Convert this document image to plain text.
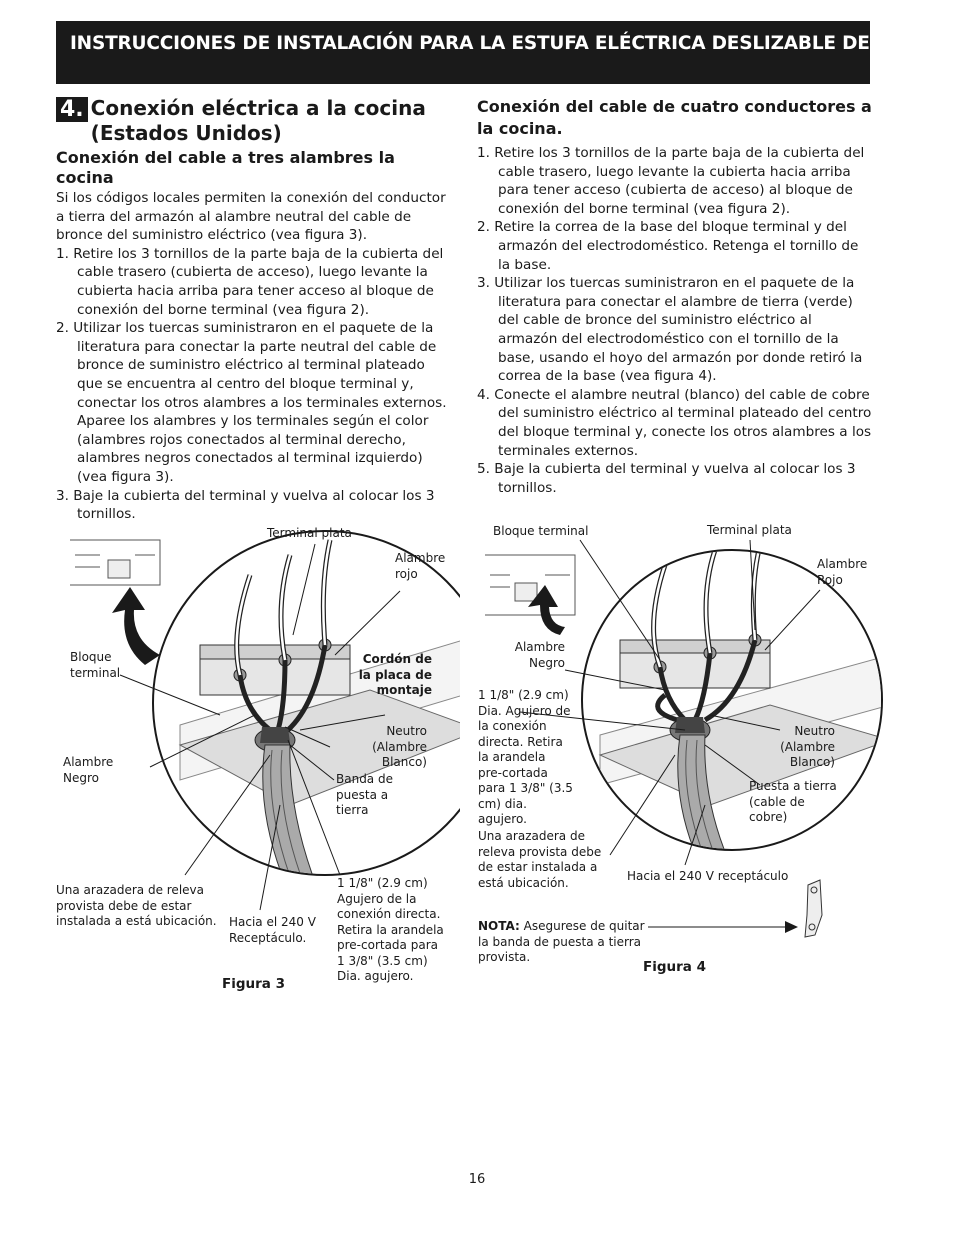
INSTRUCCIONES DE INSTALACIÓN PARA LA ESTUFA ELÉCTRICA DESLIZABLE DE 30"
4. Conexión eléctrica a la cocina
(Estados Unidos)
Conexión del cable a tres alambres la cocina

Si los códigos locales permiten la conexión del conductor a tierra del armazón al alambre neutral del cable de bronce del suministro eléctrico (vea figura 3).

1. Retire los 3 tornillos de la parte baja de la cubierta del cable trasero (cubierta de acceso), luego levante la cubierta hacia arriba para tener acceso al bloque de conexión del borne terminal (vea figura 2).
2. Utilizar los tuercas suministraron en el paquete de la literatura para conectar la parte neutral del cable de bronce de suministro eléctrico al terminal plateado que se encuentra al centro del bloque terminal y, conectar los otros alambres a los terminales externos. Aparee los alambres y los terminales según el color (alambres rojos conectados al terminal derecho, alambres negros conectados al terminal izquierdo) (vea figura 3).
3. Baje la cubierta del terminal y vuelva al colocar los 3 tornillos.
Conexión del cable de cuatro conductores a la cocina.
1. Retire los 3 tornillos de la parte baja de la cubierta del cable trasero, luego levante la cubierta hacia arriba para tener acceso (cubierta de acceso) al bloque de conexión del borne terminal (vea figura 2).
2. Retire la correa de la base del bloque terminal y del armazón del electrodoméstico. Retenga el tornillo de la base.
3. Utilizar los tuercas suministraron en el paquete de la literatura para conectar el alambre de tierra (verde) del cable de bronce del suministro eléctrico al armazón del electrodoméstico con el tornillo de la base, usando el hoyo del armazón por donde retiró la correa de la base (vea figura 4).
4. Conecte el alambre neutral (blanco) del cable de cobre del suministro eléctrico al terminal plateado del centro del bloque terminal y, conecte los otros alambres a los terminales externos.
5. Baje la cubierta del terminal y vuelva al colocar los 3 tornillos.
Terminal plata
Alambre rojo
Bloque terminal
Cordón de la placa de montaje
Neutro (Alambre Blanco)
Alambre Negro	Banda de puesta a tierra
Una arazadera de releva provista debe de estar instalada a está ubicación.	Hacia el 240 V Receptáculo.
1 1/8" (2.9 cm) Agujero de la conexión directa. Retira la arandela pre-cortada para 1 3/8" (3.5 cm) Dia. agujero.
Figura 3
Bloque terminal	Terminal plata
Alambre Rojo
Alambre Negro
1 1/8" (2.9 cm) Dia. Agujero de la conexión directa. Retira la arandela pre-cortada para 1 3/8" (3.5 cm) dia. agujero.
Neutro (Alambre Blanco)
Puesta a tierra (cable de cobre)
Una arazadera de releva provista debe de estar instalada a está ubicación.	Hacia el 240 V receptáculo
NOTA: Asegurese de quitar la banda de puesta a tierra provista.
Figura 4
16
